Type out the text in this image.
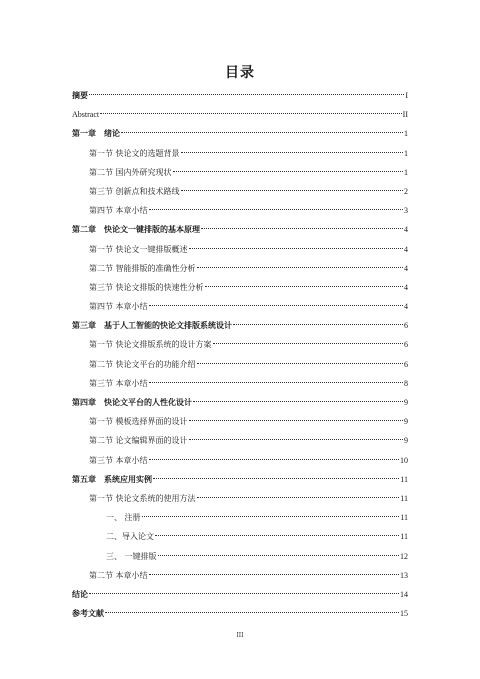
目录
摘要	I
Abstract	II
第一章　绪论	1
第一节 快论文的选题背景	1
第二节 国内外研究现状	1
第三节 创新点和技术路线	2
第四节 本章小结	3
第二章　快论文一键排版的基本原理	4
第一节 快论文一键排版概述	4
第二节 智能排版的准确性分析	4
第三节 快论文排版的快速性分析	4
第四节 本章小结	4
第三章　基于人工智能的快论文排版系统设计	6
第一节 快论文排版系统的设计方案	6
第二节 快论文平台的功能介绍	6
第三节 本章小结	8
第四章　快论文平台的人性化设计	9
第一节 模板选择界面的设计	9
第二节 论文编辑界面的设计	9
第三节 本章小结	10
第五章　系统应用实例	11
第一节 快论文系统的使用方法	11
一、 注册	11
二、导入论文	11
三、 一键排版	12
第二节 本章小结	13
结论	14
参考文献	15
III
